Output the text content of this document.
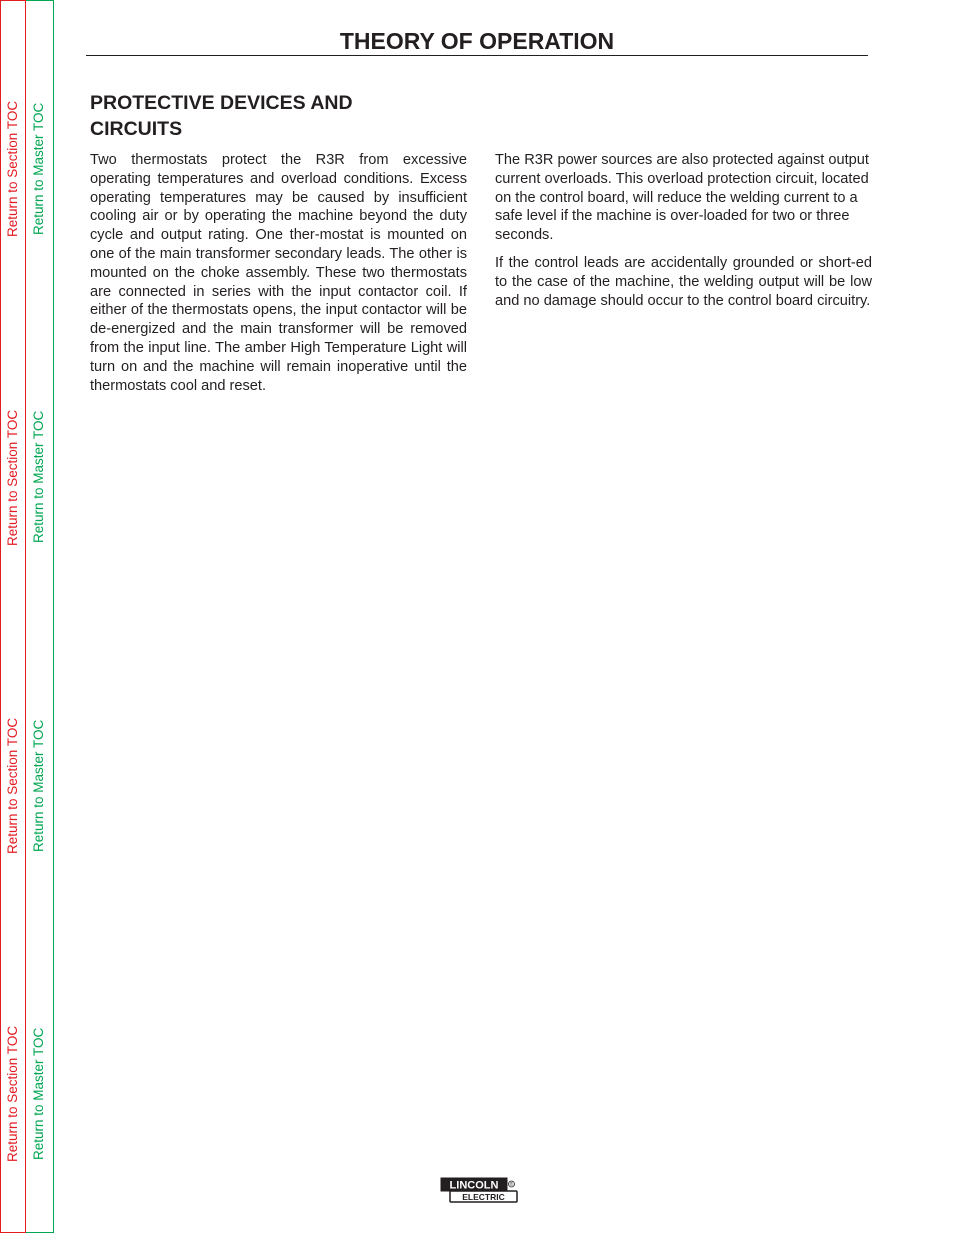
Return to Section TOC
Return to Section TOC
Return to Section TOC
Return to Section TOC
Return to Master TOC
Return to Master TOC
Return to Master TOC
Return to Master TOC
THEORY OF OPERATION
PROTECTIVE DEVICES AND
CIRCUITS

Two thermostats protect the R3R from excessive operating temperatures and overload conditions. Excess operating temperatures may be caused by insufficient cooling air or by operating the machine beyond the duty cycle and output rating. One ther-mostat is mounted on one of the main transformer secondary leads. The other is mounted on the choke assembly. These two thermostats are connected in series with the input contactor coil. If either of the thermostats opens, the input contactor will be de-energized and the main transformer will be removed from the input line. The amber High Temperature Light will turn on and the machine will remain inoperative until the thermostats cool and reset.

The R3R power sources are also protected against output current overloads. This overload protection circuit, located on the control board, will reduce the welding current to a safe level if the machine is over-loaded for two or three seconds.

If the control leads are accidentally grounded or short-ed to the case of the machine, the welding output will be low and no damage should occur to the control board circuitry.

LINCOLN
ELECTRIC
®
